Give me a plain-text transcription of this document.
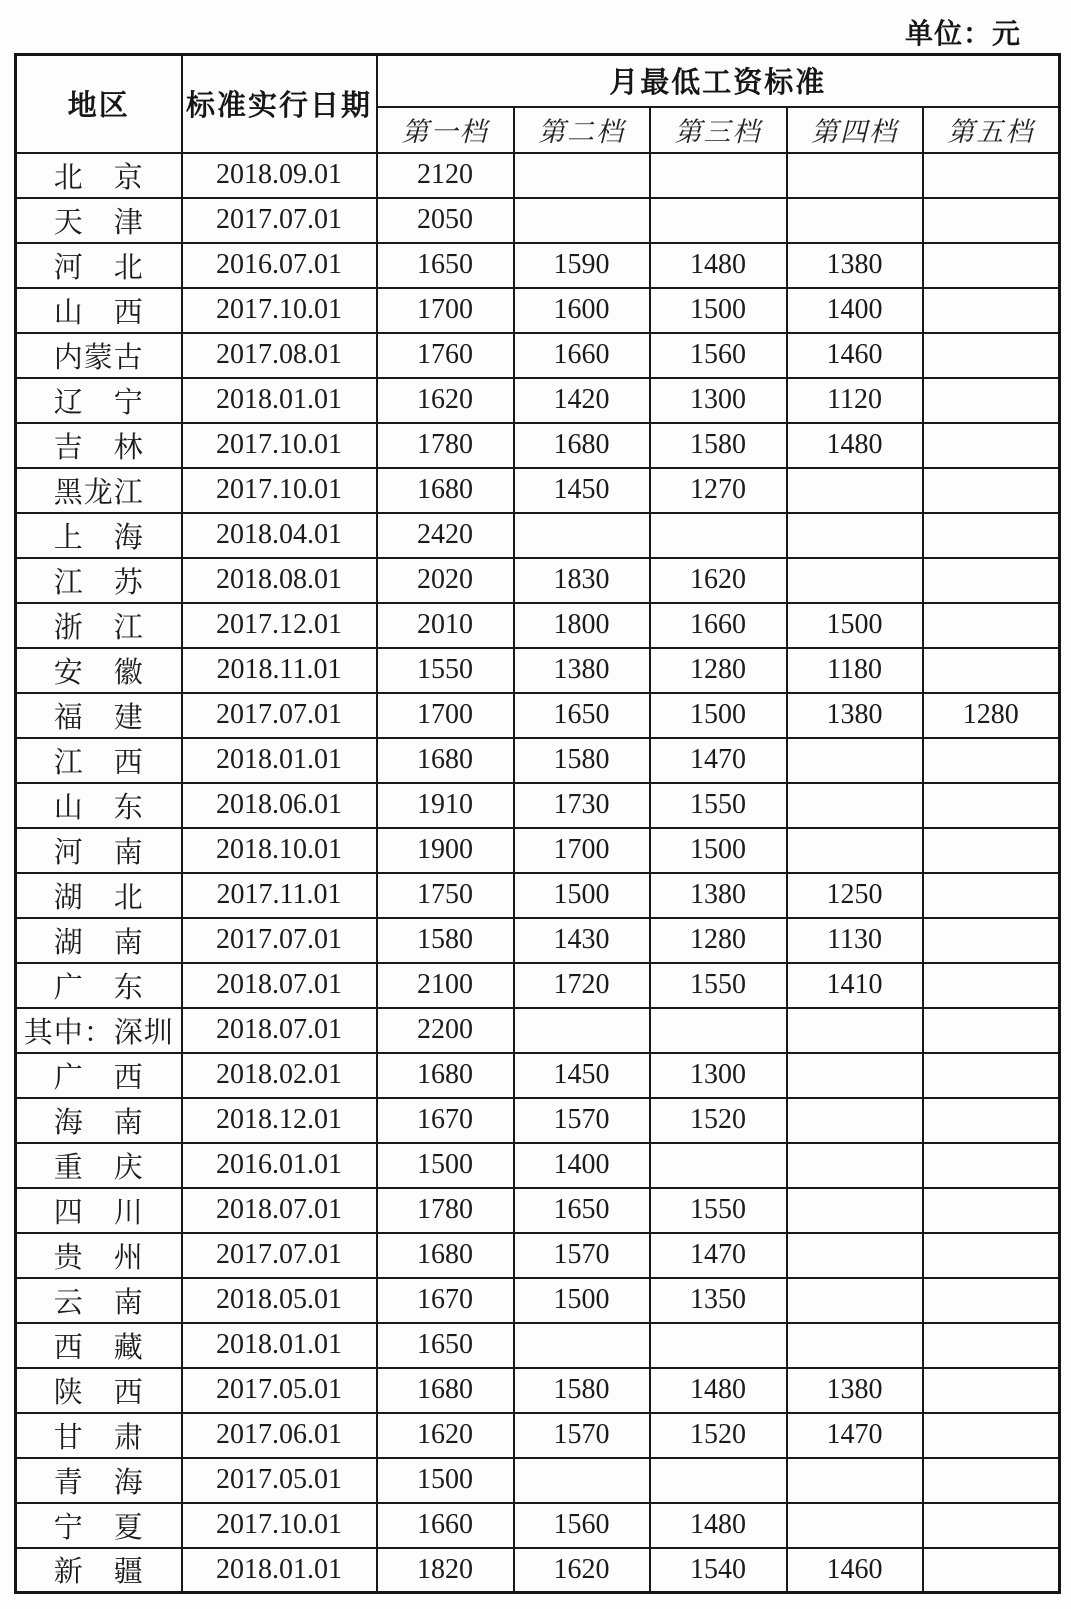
单位：元
地区	标准实行日期	月最低工资标准				
		第一档	第二档	第三档	第四档	第五档
北　京	2018.09.01	2120				
天　津	2017.07.01	2050				
河　北	2016.07.01	1650	1590	1480	1380	
山　西	2017.10.01	1700	1600	1500	1400	
内蒙古	2017.08.01	1760	1660	1560	1460	
辽　宁	2018.01.01	1620	1420	1300	1120	
吉　林	2017.10.01	1780	1680	1580	1480	
黑龙江	2017.10.01	1680	1450	1270		
上　海	2018.04.01	2420				
江　苏	2018.08.01	2020	1830	1620		
浙　江	2017.12.01	2010	1800	1660	1500	
安　徽	2018.11.01	1550	1380	1280	1180	
福　建	2017.07.01	1700	1650	1500	1380	1280
江　西	2018.01.01	1680	1580	1470		
山　东	2018.06.01	1910	1730	1550		
河　南	2018.10.01	1900	1700	1500		
湖　北	2017.11.01	1750	1500	1380	1250	
湖　南	2017.07.01	1580	1430	1280	1130	
广　东	2018.07.01	2100	1720	1550	1410	
其中：深圳	2018.07.01	2200				
广　西	2018.02.01	1680	1450	1300		
海　南	2018.12.01	1670	1570	1520		
重　庆	2016.01.01	1500	1400			
四　川	2018.07.01	1780	1650	1550		
贵　州	2017.07.01	1680	1570	1470		
云　南	2018.05.01	1670	1500	1350		
西　藏	2018.01.01	1650				
陕　西	2017.05.01	1680	1580	1480	1380	
甘　肃	2017.06.01	1620	1570	1520	1470	
青　海	2017.05.01	1500				
宁　夏	2017.10.01	1660	1560	1480		
新　疆	2018.01.01	1820	1620	1540	1460	
